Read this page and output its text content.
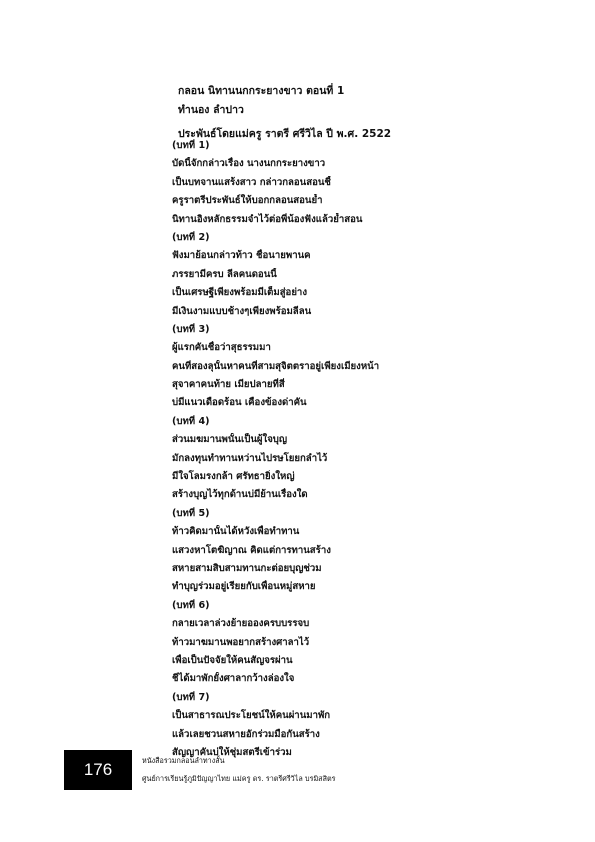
กลอน นิทานนกกระยางขาว ตอนที่ 1
ทำนอง ลำปาว
ประพันธ์โดยแม่ครู ราตรี ศรีวิไล ปี พ.ศ. 2522
(บทที่ 1)
บัดนี้จักกล่าวเรื่อง นางนกกระยางขาว
เป็นบทจานแสร้งสาว กล่าวกลอนสอนชี้
ครูราตรีประพันธ์ให้บอกกลอนสอนย้ำ
นิทานอิงหลักธรรมจำไว้ต่อพี่น้องฟังแล้วย้ำสอน
(บทที่ 2)
ฟังมาย้อนกล่าวท้าว ชื่อนายพานค
ภรรยามีครบ ลีลคนดอนนี้
เป็นเศรษฐีเพียงพร้อมมีเต็มสู่อย่าง
มีเงินงามแบบช้างๆเพียงพร้อมลีลน
(บทที่ 3)
ผู้แรกคันชื่อว่าสุธรรมมา
คนที่สองลุนั้นหาคนที่สามสุจิตตราอยู่เพียงเมียงหน้า
สุจาคาคนท้าย เมียปลายที่สี่
บ่มีแนวเดือดร้อน เคืองข้องด่าคัน
(บทที่ 4)
ส่วนมฆมานพนั้นเป็นผู้ใจบุญ
มักลงทุนทำทานหว่านไปรษโยยกลำไว้
มีใจโลมรงกล้า ศรัทธายิ่งใหญ่
สร้างบุญไว้ทุกด้านบ่มีย้านเรื่องใด
(บทที่ 5)
ท้าวคิดมานั้นได้หวังเพื่อทำทาน
แสวงหาโตฆิญาณ คิดแต่การทานสร้าง
สหายสามสิบสามทานกะต่อยบุญช่วม
ทำบุญร่วมอยู่เรียยกับเพื่อนหมู่สหาย
(บทที่ 6)
กลายเวลาล่วงย้ายอองครบบรรจบ
ท้าวมาฆมานพอยากสร้างศาลาไว้
เพื่อเป็นปัจจัยให้คนสัญจรผ่าน
ชีได้มาพักยั้งศาลากว้างล่องใจ
(บทที่ 7)
เป็นสาธารณประโยชน์ให้คนผ่านมาพัก
แล้วเลยชวนสหายอักร่วมมือกันสร้าง
สัญญาคันบ่ให้ชุ่มสตรีเข้าร่วม
176	หนังสือรวมกลอนลำทางสั้น
ศูนย์การเรียนรู้ภูมิปัญญาไทย แม่ครู ดร. ราตรีศรีวิไล บรมิสสิตร
